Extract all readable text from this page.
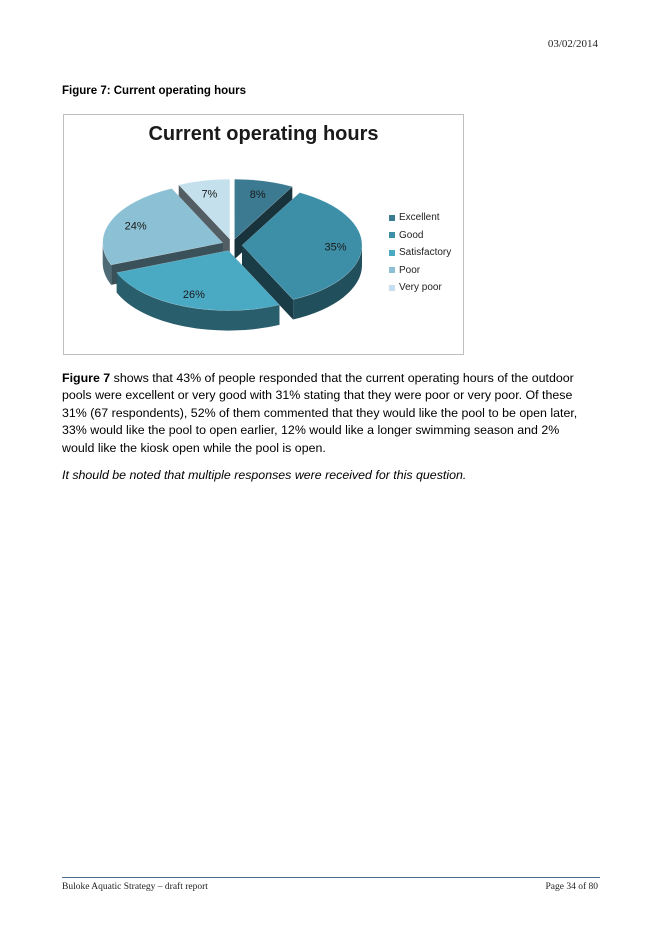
03/02/2014
Figure 7: Current operating hours
8%
35%
26%
24%
7%
Current operating hours
Excellent
Good
Satisfactory
Poor
Very poor

Figure 7 shows that 43% of people responded that the current operating hours of the outdoor pools were excellent or very good with 31% stating that they were poor or very poor. Of these 31% (67 respondents), 52% of them commented that they would like the pool to be open later, 33% would like the pool to open earlier, 12% would like a longer swimming season and 2% would like the kiosk open while the pool is open.

It should be noted that multiple responses were received for this question.

Buloke Aquatic Strategy – draft report	Page 34 of 80
